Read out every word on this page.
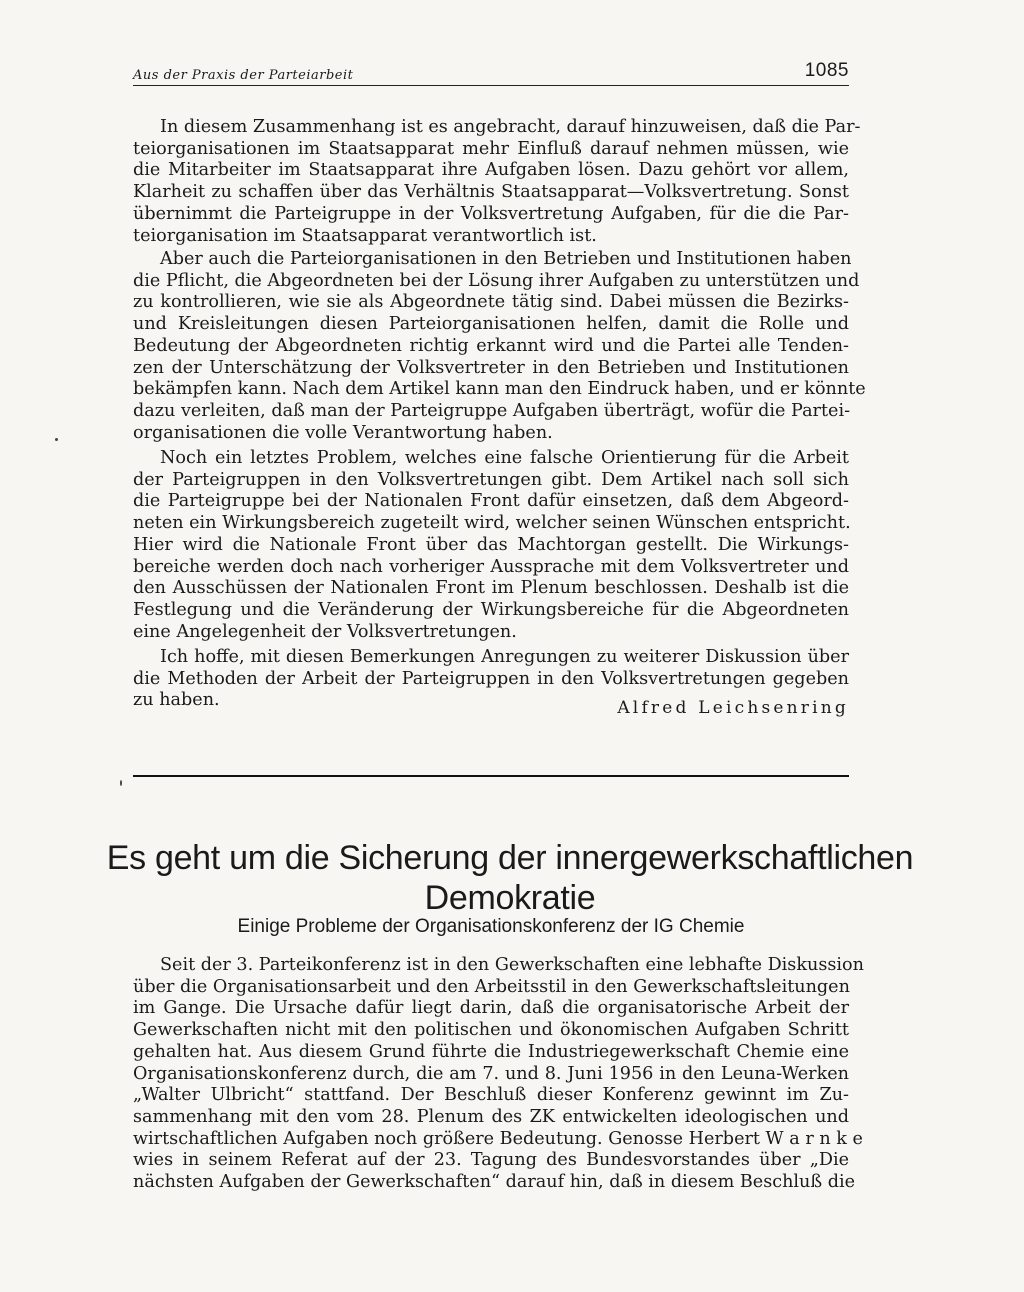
Aus der Praxis der Parteiarbeit	1085

In diesem Zusammenhang ist es angebracht, darauf hinzuweisen, daß die Par-
teiorganisationen im Staatsapparat mehr Einfluß darauf nehmen müssen, wie
die Mitarbeiter im Staatsapparat ihre Aufgaben lösen. Dazu gehört vor allem,
Klarheit zu schaffen über das Verhältnis Staatsapparat—Volksvertretung. Sonst
übernimmt die Parteigruppe in der Volksvertretung Aufgaben, für die die Par-
teiorganisation im Staatsapparat verantwortlich ist.

Aber auch die Parteiorganisationen in den Betrieben und Institutionen haben
die Pflicht, die Abgeordneten bei der Lösung ihrer Aufgaben zu unterstützen und
zu kontrollieren, wie sie als Abgeordnete tätig sind. Dabei müssen die Bezirks-
und Kreisleitungen diesen Parteiorganisationen helfen, damit die Rolle und
Bedeutung der Abgeordneten richtig erkannt wird und die Partei alle Tenden-
zen der Unterschätzung der Volksvertreter in den Betrieben und Institutionen
bekämpfen kann. Nach dem Artikel kann man den Eindruck haben, und er könnte
dazu verleiten, daß man der Parteigruppe Aufgaben überträgt, wofür die Partei-
organisationen die volle Verantwortung haben.

Noch ein letztes Problem, welches eine falsche Orientierung für die Arbeit
der Parteigruppen in den Volksvertretungen gibt. Dem Artikel nach soll sich
die Parteigruppe bei der Nationalen Front dafür einsetzen, daß dem Abgeord-
neten ein Wirkungsbereich zugeteilt wird, welcher seinen Wünschen entspricht.
Hier wird die Nationale Front über das Machtorgan gestellt. Die Wirkungs-
bereiche werden doch nach vorheriger Aussprache mit dem Volksvertreter und
den Ausschüssen der Nationalen Front im Plenum beschlossen. Deshalb ist die
Festlegung und die Veränderung der Wirkungsbereiche für die Abgeordneten
eine Angelegenheit der Volksvertretungen.

Ich hoffe, mit diesen Bemerkungen Anregungen zu weiterer Diskussion über
die Methoden der Arbeit der Parteigruppen in den Volksvertretungen gegeben
zu haben.	Alfred Leichsenring
Es geht um die Sicherung der innergewerkschaftlichen
Demokratie
Einige Probleme der Organisationskonferenz der IG Chemie

Seit der 3. Parteikonferenz ist in den Gewerkschaften eine lebhafte Diskussion
über die Organisationsarbeit und den Arbeitsstil in den Gewerkschaftsleitungen
im Gange. Die Ursache dafür liegt darin, daß die organisatorische Arbeit der
Gewerkschaften nicht mit den politischen und ökonomischen Aufgaben Schritt
gehalten hat. Aus diesem Grund führte die Industriegewerkschaft Chemie eine
Organisationskonferenz durch, die am 7. und 8. Juni 1956 in den Leuna-Werken
„Walter Ulbricht“ stattfand. Der Beschluß dieser Konferenz gewinnt im Zu-
sammenhang mit den vom 28. Plenum des ZK entwickelten ideologischen und
wirtschaftlichen Aufgaben noch größere Bedeutung. Genosse Herbert W a r n k e
wies in seinem Referat auf der 23. Tagung des Bundesvorstandes über „Die
nächsten Aufgaben der Gewerkschaften“ darauf hin, daß in diesem Beschluß die
